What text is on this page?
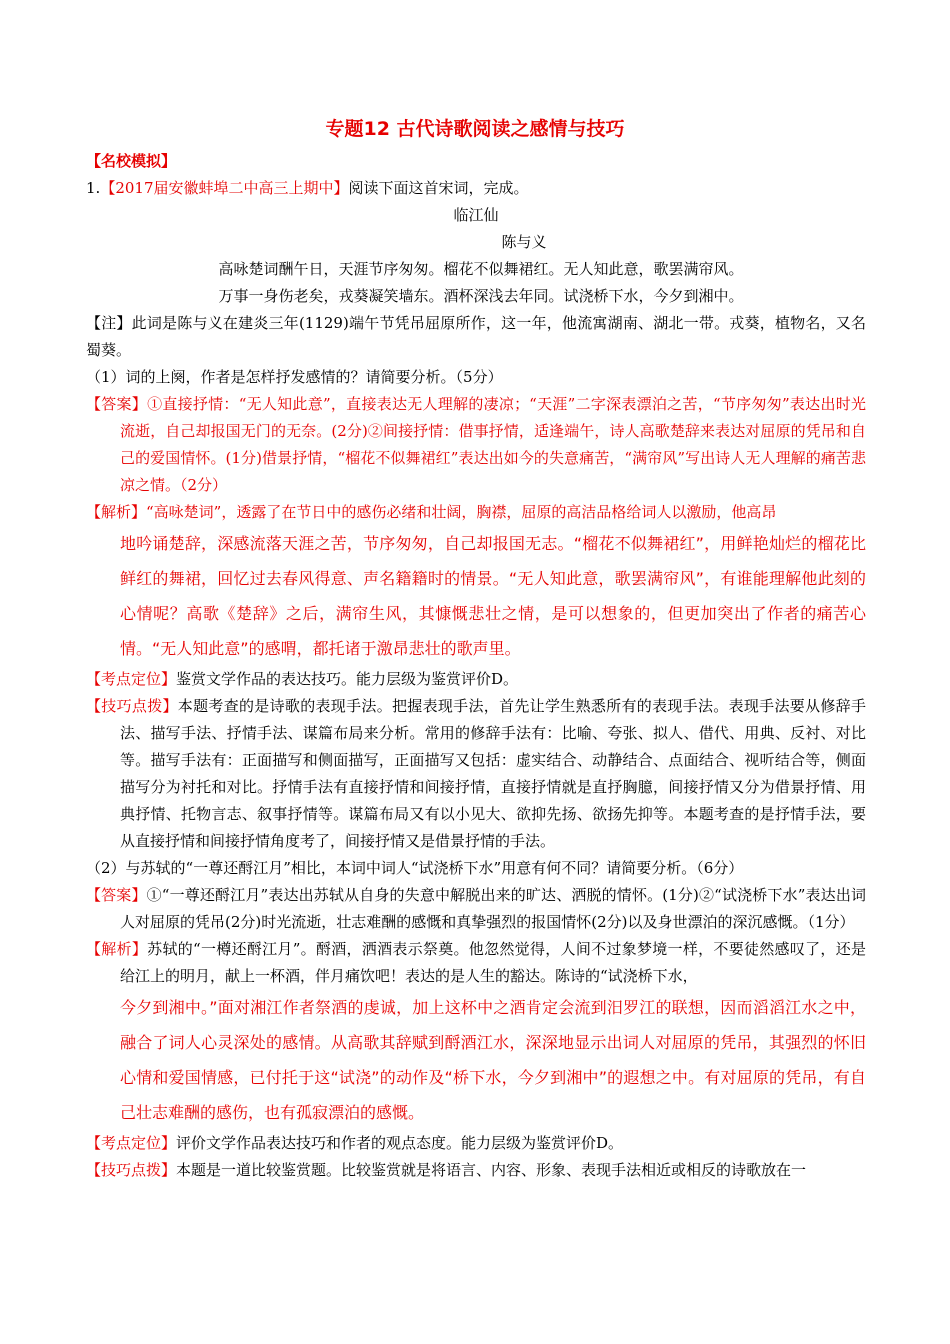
专题12 古代诗歌阅读之感情与技巧

【名校模拟】

1.【2017届安徽蚌埠二中高三上期中】阅读下面这首宋词，完成。

临江仙

陈与义

高咏楚词酬午日，天涯节序匆匆。榴花不似舞裙红。无人知此意，歌罢满帘风。

万事一身伤老矣，戎葵凝笑墙东。酒杯深浅去年同。试浇桥下水，今夕到湘中。

【注】此词是陈与义在建炎三年(1129)端午节凭吊屈原所作，这一年，他流寓湖南、湖北一带。戎葵，植物名，又名蜀葵。

（1）词的上阕，作者是怎样抒发感情的？请简要分析。（5分）

【答案】①直接抒情：“无人知此意”，直接表达无人理解的凄凉；“天涯”二字深表漂泊之苦，“节序匆匆”表达出时光流逝，自己却报国无门的无奈。(2分)②间接抒情：借事抒情，适逢端午，诗人高歌楚辞来表达对屈原的凭吊和自己的爱国情怀。(1分)借景抒情，“榴花不似舞裙红”表达出如今的失意痛苦，“满帘风”写出诗人无人理解的痛苦悲凉之情。（2分）

【解析】“高咏楚词”，透露了在节日中的感伤必绪和壮阔，胸襟，屈原的高洁品格给词人以激励，他高昂

地吟诵楚辞，深感流落天涯之苦，节序匆匆，自己却报国无志。“榴花不似舞裙红”，用鲜艳灿烂的榴花比鲜红的舞裙，回忆过去春风得意、声名籍籍时的情景。“无人知此意，歌罢满帘风”，有谁能理解他此刻的心情呢？高歌《楚辞》之后，满帘生风，其慷慨悲壮之情，是可以想象的，但更加突出了作者的痛苦心情。“无人知此意”的感喟，都托诸于激昂悲壮的歌声里。

【考点定位】鉴赏文学作品的表达技巧。能力层级为鉴赏评价D。

【技巧点拨】本题考查的是诗歌的表现手法。把握表现手法，首先让学生熟悉所有的表现手法。表现手法要从修辞手法、描写手法、抒情手法、谋篇布局来分析。常用的修辞手法有：比喻、夸张、拟人、借代、用典、反衬、对比等。描写手法有：正面描写和侧面描写，正面描写又包括：虚实结合、动静结合、点面结合、视听结合等，侧面描写分为衬托和对比。抒情手法有直接抒情和间接抒情，直接抒情就是直抒胸臆，间接抒情又分为借景抒情、用典抒情、托物言志、叙事抒情等。谋篇布局又有以小见大、欲抑先扬、欲扬先抑等。本题考查的是抒情手法，要从直接抒情和间接抒情角度考了，间接抒情又是借景抒情的手法。

（2）与苏轼的“一尊还酹江月”相比，本词中词人“试浇桥下水”用意有何不同？请简要分析。（6分）

【答案】①“一尊还酹江月”表达出苏轼从自身的失意中解脱出来的旷达、洒脱的情怀。(1分)②“试浇桥下水”表达出词人对屈原的凭吊(2分)时光流逝，壮志难酬的感慨和真挚强烈的报国情怀(2分)以及身世漂泊的深沉感慨。（1分）

【解析】苏轼的“一樽还酹江月”。酹酒，洒酒表示祭奠。他忽然觉得，人间不过象梦境一样，不要徒然感叹了，还是给江上的明月，献上一杯酒，伴月痛饮吧！表达的是人生的豁达。陈诗的“试浇桥下水，

今夕到湘中。”面对湘江作者祭酒的虔诚，加上这杯中之酒肯定会流到汨罗江的联想，因而滔滔江水之中，融合了词人心灵深处的感情。从高歌其辞赋到酹酒江水，深深地显示出词人对屈原的凭吊，其强烈的怀旧心情和爱国情感，已付托于这“试浇”的动作及“桥下水，今夕到湘中”的遐想之中。有对屈原的凭吊，有自己壮志难酬的感伤，也有孤寂漂泊的感慨。

【考点定位】评价文学作品表达技巧和作者的观点态度。能力层级为鉴赏评价D。

【技巧点拨】本题是一道比较鉴赏题。比较鉴赏就是将语言、内容、形象、表现手法相近或相反的诗歌放在一
